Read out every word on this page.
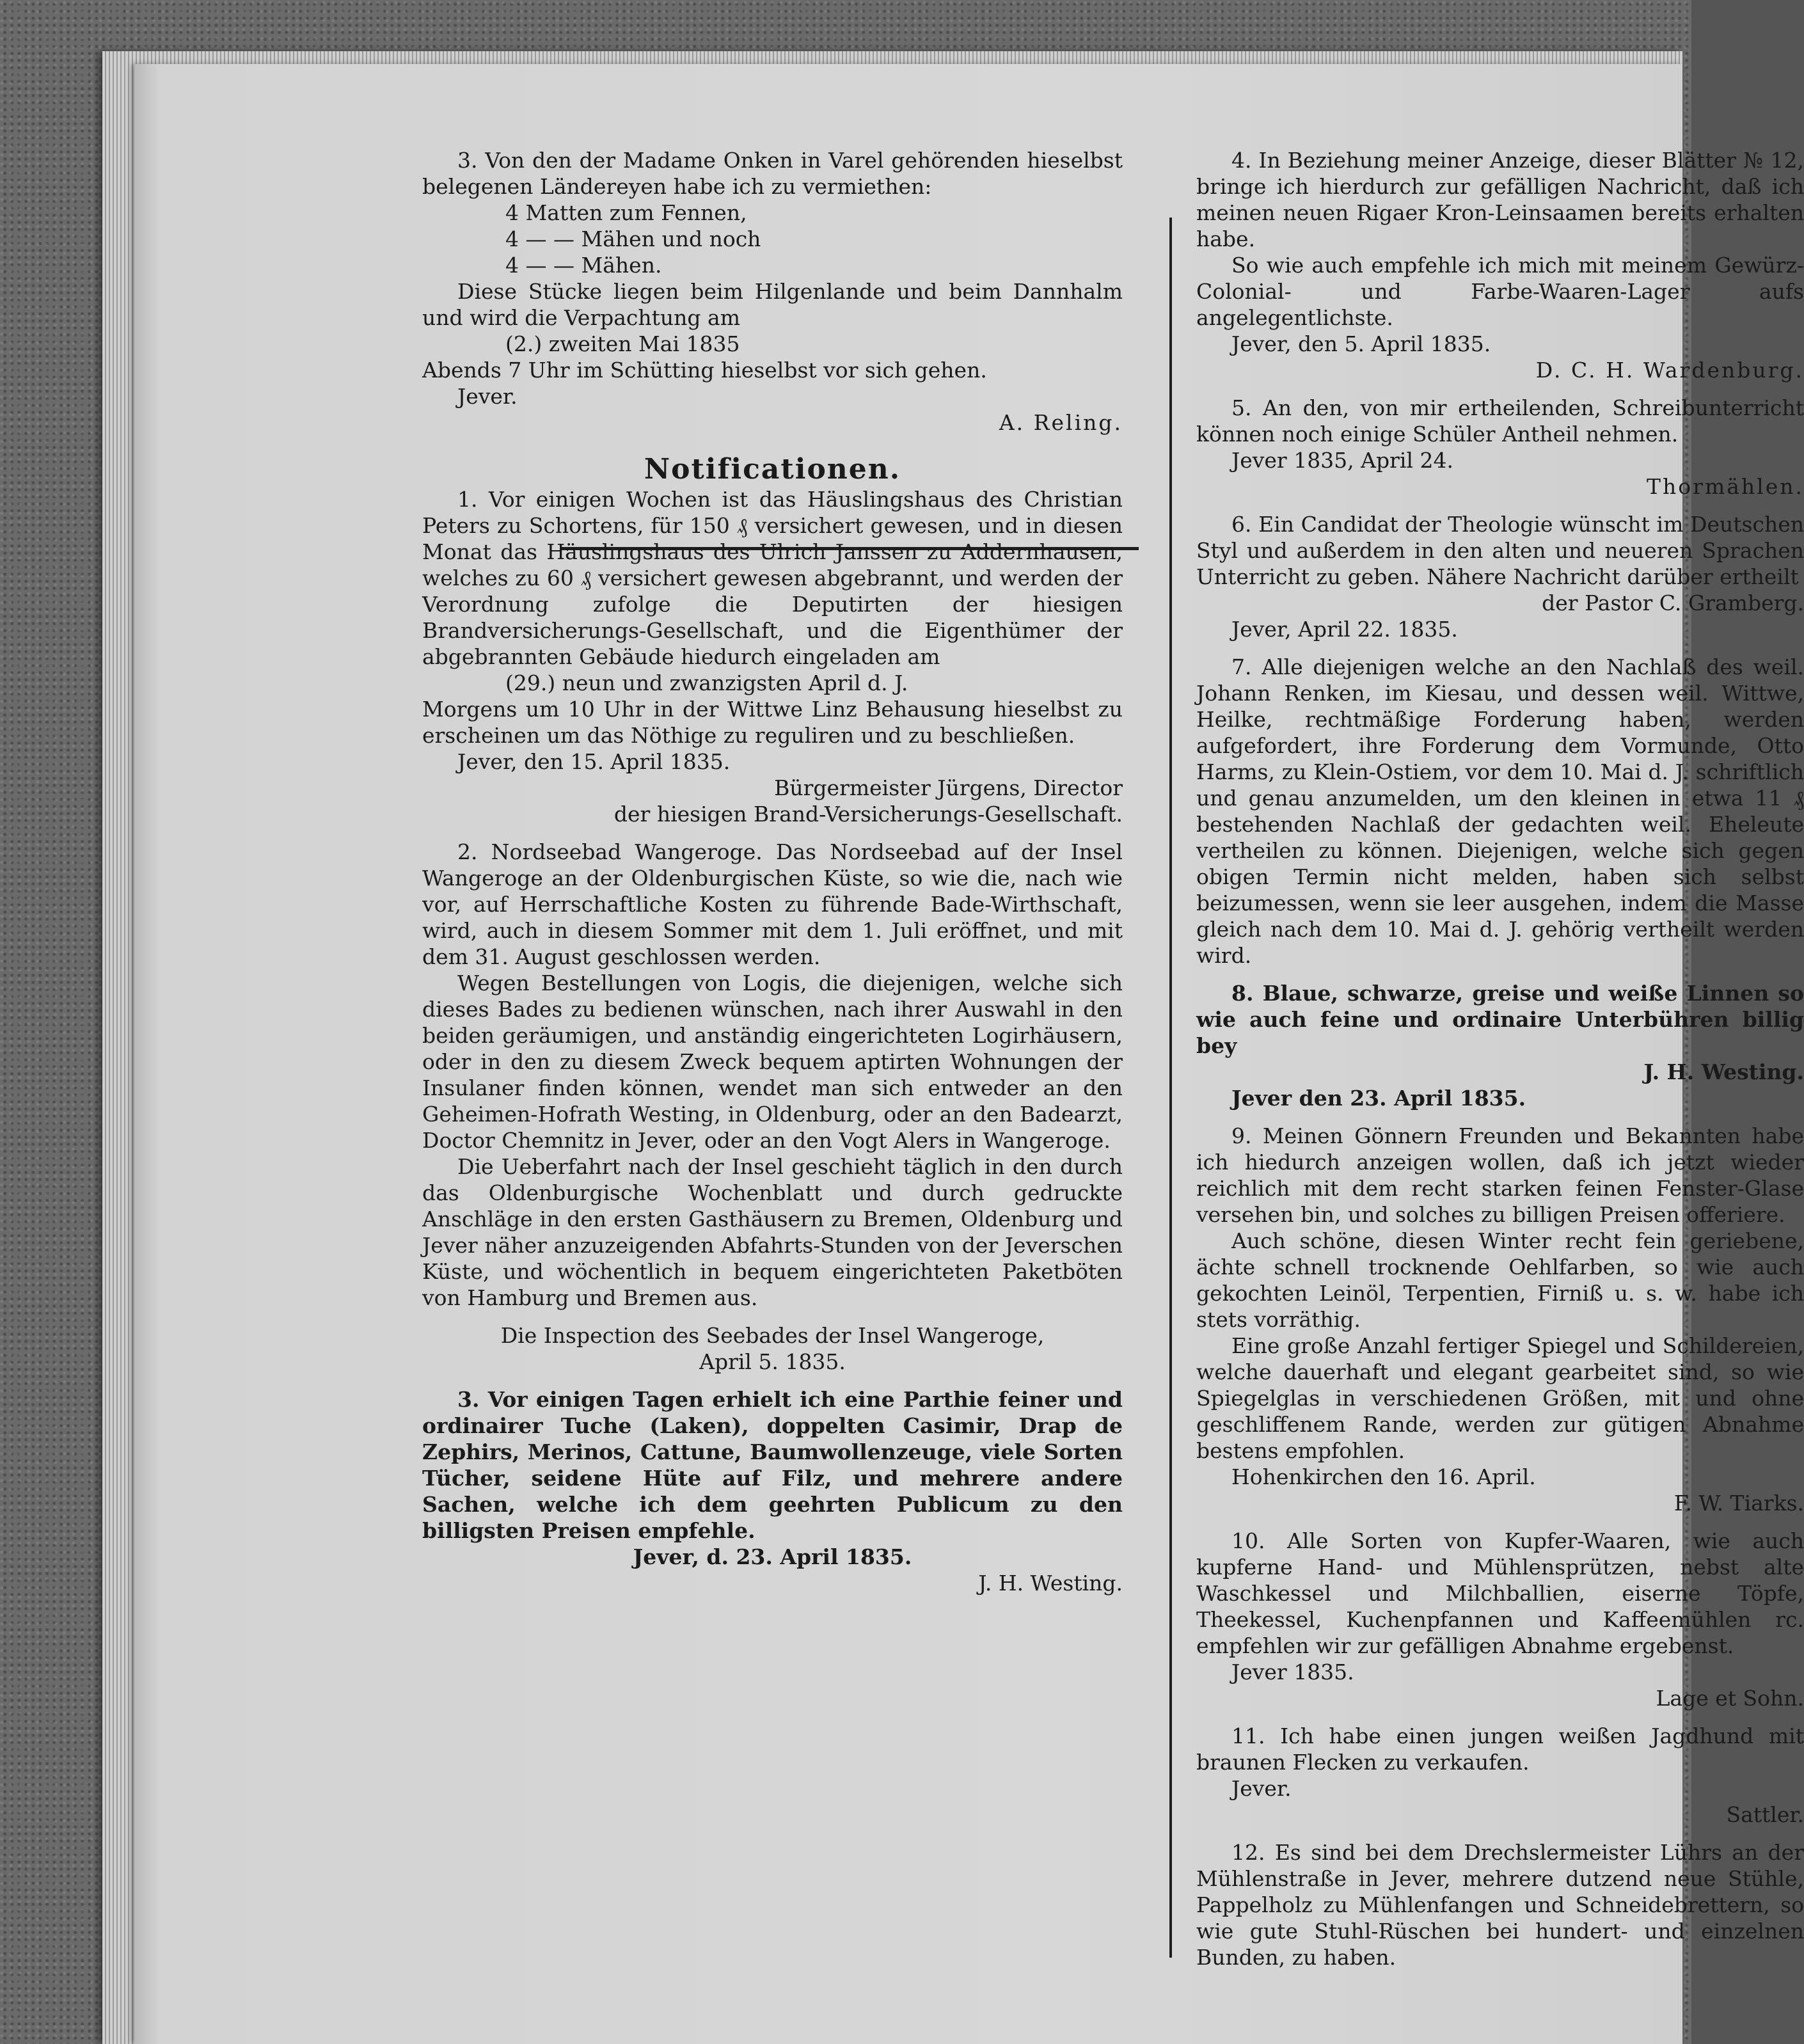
3. Von den der Madame Onken in Varel gehörenden hieselbst belegenen Ländereyen habe ich zu vermiethen:

4 Matten zum Fennen,

4 — — Mähen und noch

4 — — Mähen.

Diese Stücke liegen beim Hilgenlande und beim Dannhalm und wird die Verpachtung am

(2.) zweiten Mai 1835

Abends 7 Uhr im Schütting hieselbst vor sich gehen.

Jever.

A. Reling.

Notificationen.

1. Vor einigen Wochen ist das Häuslingshaus des Christian Peters zu Schortens, für 150 ₰ versichert gewesen, und in diesen Monat das Häuslingshaus des Ulrich Janssen zu Addernhausen, welches zu 60 ₰ versichert gewesen abgebrannt, und werden der Verordnung zufolge die Deputirten der hiesigen Brandversicherungs-Gesellschaft, und die Eigenthümer der abgebrannten Gebäude hiedurch eingeladen am

(29.) neun und zwanzigsten April d. J.

Morgens um 10 Uhr in der Wittwe Linz Behausung hieselbst zu erscheinen um das Nöthige zu reguliren und zu beschließen.

Jever, den 15. April 1835.

Bürgermeister Jürgens, Director

der hiesigen Brand-Versicherungs-Gesellschaft.

2. Nordseebad Wangeroge. Das Nordseebad auf der Insel Wangeroge an der Oldenburgischen Küste, so wie die, nach wie vor, auf Herrschaftliche Kosten zu führende Bade-Wirthschaft, wird, auch in diesem Sommer mit dem 1. Juli eröffnet, und mit dem 31. August geschlossen werden.

Wegen Bestellungen von Logis, die diejenigen, welche sich dieses Bades zu bedienen wünschen, nach ihrer Auswahl in den beiden geräumigen, und anständig eingerichteten Logirhäusern, oder in den zu diesem Zweck bequem aptirten Wohnungen der Insulaner finden können, wendet man sich entweder an den Geheimen-Hofrath Westing, in Oldenburg, oder an den Badearzt, Doctor Chemnitz in Jever, oder an den Vogt Alers in Wangeroge.

Die Ueberfahrt nach der Insel geschieht täglich in den durch das Oldenburgische Wochenblatt und durch gedruckte Anschläge in den ersten Gasthäusern zu Bremen, Oldenburg und Jever näher anzuzeigenden Abfahrts-Stunden von der Jeverschen Küste, und wöchentlich in bequem eingerichteten Paketböten von Hamburg und Bremen aus.

Die Inspection des Seebades der Insel Wangeroge,

April 5. 1835.

3. Vor einigen Tagen erhielt ich eine Parthie feiner und ordinairer Tuche (Laken), doppelten Casimir, Drap de Zephirs, Merinos, Cattune, Baumwollenzeuge, viele Sorten Tücher, seidene Hüte auf Filz, und mehrere andere Sachen, welche ich dem geehrten Publicum zu den billigsten Preisen empfehle.

Jever, d. 23. April 1835.

J. H. Westing.

4. In Beziehung meiner Anzeige, dieser Blätter № 12, bringe ich hierdurch zur gefälligen Nachricht, daß ich meinen neuen Rigaer Kron-Leinsaamen bereits erhalten habe.

So wie auch empfehle ich mich mit meinem Gewürz-Colonial- und Farbe-Waaren-Lager aufs angelegentlichste.

Jever, den 5. April 1835.

D. C. H. Wardenburg.

5. An den, von mir ertheilenden, Schreibunterricht können noch einige Schüler Antheil nehmen.

Jever 1835, April 24.

Thormählen.

6. Ein Candidat der Theologie wünscht im Deutschen Styl und außerdem in den alten und neueren Sprachen Unterricht zu geben. Nähere Nachricht darüber ertheilt

der Pastor C. Gramberg.

Jever, April 22. 1835.

7. Alle diejenigen welche an den Nachlaß des weil. Johann Renken, im Kiesau, und dessen weil. Wittwe, Heilke, rechtmäßige Forderung haben, werden aufgefordert, ihre Forderung dem Vormunde, Otto Harms, zu Klein-Ostiem, vor dem 10. Mai d. J. schriftlich und genau anzumelden, um den kleinen in etwa 11 ₰ bestehenden Nachlaß der gedachten weil. Eheleute vertheilen zu können. Diejenigen, welche sich gegen obigen Termin nicht melden, haben sich selbst beizumessen, wenn sie leer ausgehen, indem die Masse gleich nach dem 10. Mai d. J. gehörig vertheilt werden wird.

8. Blaue, schwarze, greise und weiße Linnen so wie auch feine und ordinaire Unterbühren billig bey

J. H. Westing.

Jever den 23. April 1835.

9. Meinen Gönnern Freunden und Bekannten habe ich hiedurch anzeigen wollen, daß ich jetzt wieder reichlich mit dem recht starken feinen Fenster-Glase versehen bin, und solches zu billigen Preisen offeriere.

Auch schöne, diesen Winter recht fein geriebene, ächte schnell trocknende Oehlfarben, so wie auch gekochten Leinöl, Terpentien, Firniß u. s. w. habe ich stets vorräthig.

Eine große Anzahl fertiger Spiegel und Schildereien, welche dauerhaft und elegant gearbeitet sind, so wie Spiegelglas in verschiedenen Größen, mit und ohne geschliffenem Rande, werden zur gütigen Abnahme bestens empfohlen.

Hohenkirchen den 16. April.

F. W. Tiarks.

10. Alle Sorten von Kupfer-Waaren, wie auch kupferne Hand- und Mühlensprützen, nebst alte Waschkessel und Milchballien, eiserne Töpfe, Theekessel, Kuchenpfannen und Kaffeemühlen rc. empfehlen wir zur gefälligen Abnahme ergebenst.

Jever 1835.

Lage et Sohn.

11. Ich habe einen jungen weißen Jagdhund mit braunen Flecken zu verkaufen.

Jever.

Sattler.

12. Es sind bei dem Drechslermeister Lührs an der Mühlenstraße in Jever, mehrere dutzend neue Stühle, Pappelholz zu Mühlenfangen und Schneidebrettern, so wie gute Stuhl-Rüschen bei hundert- und einzelnen Bunden, zu haben.
